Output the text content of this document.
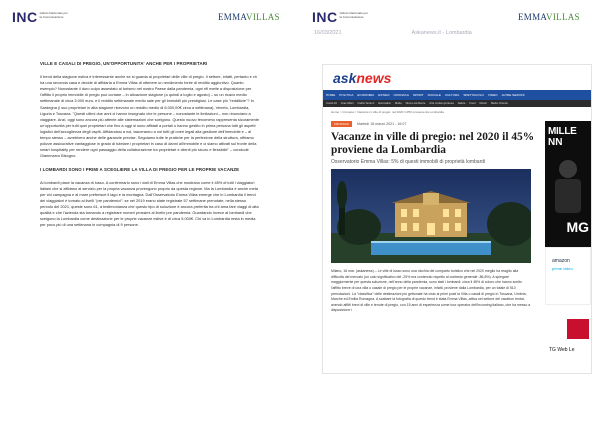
INC Istituto Nazionale per la Comunicazione	EMMAVILLAS
VILLE E CASALI DI PREGIO, UN'OPPORTUNITA' ANCHE PER I PROPRIETARI

Il trend della stagione estiva è interessante anche se si guarda ai proprietari delle ville di pregio. Il settore, infatti, pertanto e ch ha una seconda casa e decide di affidarla a Emma Villas di ottenere un rendimento fonte di reddito aggiuntivo. Quanto esempio? Nonostante il duro colpo assestato al turismo nel nostro Paese dalla pandemia, ogni rifi mette a disposizione per l'affitto il proprio immobile di pregio può contare – in alloazione stagione (a quindi a luglio e agosto) – su un ricavo medio settimanale di circa 3.000 euro, e il reddito settimanale medio sale per gli immobili più prestigiosi. Le case più "redditizie"? In Sardegna (i suo proprietari in alta stagione ricevono un reddito medio di 6.000,00€ circa a settimana), Veneto, Lombardia, Liguria e Toscana. "Questi ultimi due anni ci hanno insegnato che le persone – nonostante le limitazioni – non rinunciano a viaggiare. Anzi, oggi sono ancora più attente alle sistemazioni che scelgono. Questo nuovo fenomeno rappresenta sicuramente un'opportunità per tutti quei proprietari che fino a oggi si sono affidati a portali o hanno gestito in prima persona tutti gli aspetti logistici dell'accoglienza degli ospiti. Affidandosi a noi, lasceranno a noi tutti gli oneri legali alla gestione dell'immobile e – al tempo stesso – avrebbero anche delle garanzie precise. Seguiamo tutte le pratiche per la perfezione della struttura, offriamo polizze assicurative vantaggiose in grado di tutelare i proprietari in caso di danni all'immobile e ci siamo attivati sul fronte della smart hospitality per rendere ogni passaggio della collaborazione tra proprietari e clienti più sicuro e flessibile" – conclude Giammarco Bisogno.

I LOMBARDI SONO I PRIMI A SCEGLIERE LA VILLA DI PREGIO PER LE PROPRIE VACANZE

Ai lombardi piace la vacanza di lusso. A confermarlo sono i dati di Emma Villas che mostrano come il 45% di tutti i viaggiatori italiani che si affidano al servizio per la propria vacanza provengono proprio da questa regione. Ma la Lombardia è anche meta per chi campagna e al mare preferisce il lago e la montagna. Dall'Osservatorio Emma Villas emerge che in Lombardia il trend dei viaggiatori è tornato ai livelli "pre pandemici": se nel 2019 erano state registrate 57 settimane prenotate, nella stesso periodo del 2021, queste sono 61, a testimonianza che questo tipo di soluzione è ancora preferita tra chi ama fare viaggi di alta qualità e che l'azienda sta tornando a registrare numeri prossimi al livello pre pandemia. Guardando invece ai lombardi che scelgono la Lombardia come destinazione per le proprie vacanze estive è di circa 5.000€. Chi va in Lombardia resta in media per poco più di una settimana in compagnia di 9 persone.

INC Istituto Nazionale per la Comunicazione	EMMAVILLAS
16/03/2021	Askanews.it - Lombardia
asknews
HOME POLITICA ECONOMIA ESTERI CRONACA SPORT SOCIALE CULTURA SPETTACOLO VIDEO ALTRE SEZIONI
Covid-19 Grav Affari Calcio Serie A Eurocalcio Moda Nuovo Ambiente Arte contemporanea Salute Food Motori Medio Oriente
Home > Cronaca > Vacanze in ville di pregio: nel 2020 il 45% proviene da Lombardia
CRONACA	Martedì 16 marzo 2021 - 16:07
Vacanze in ville di pregio: nel 2020 il 45% proviene da Lombardia
Osservatorio Emma Villas: 5% di questi immobili di proprietà lombardi
Milano, 16 mar. (askanews) – Le ville di lusso sono una nicchia del comparto turistico che nel 2020 meglio ha reagito alla difficoltà del mercato (un calo significativo del -25% ma contenuto rispetto al contesto generale -86,8%). A spiegare maggiormente per questa soluzione, nell'anno della pandemia, sono stati i lombardi: circa il 45% di coloro che hanno scelto l'affitto breve di una villa o casale di pregio per le proprie vacanze, infatti, proviene dalla Lombardia, per un totale di 510 prenotazioni. La "classifica" delle destinazioni più gettonate ha visto ai primi posti la Villa o casali di pregio in Toscana, Umbria, Marche ed Emilia Romagna. A scattare la fotografia di questo trend è stata Emma Villas, attiva nel settore del vacation rental, avendo affitti brevi di ville e tenute di pregio, con 15 anni di esperienza come tour operator dell'incoming italiano, che ha messo a disposizione i
MILLE
NN
MG
amazon
prime video
TG Web Le
